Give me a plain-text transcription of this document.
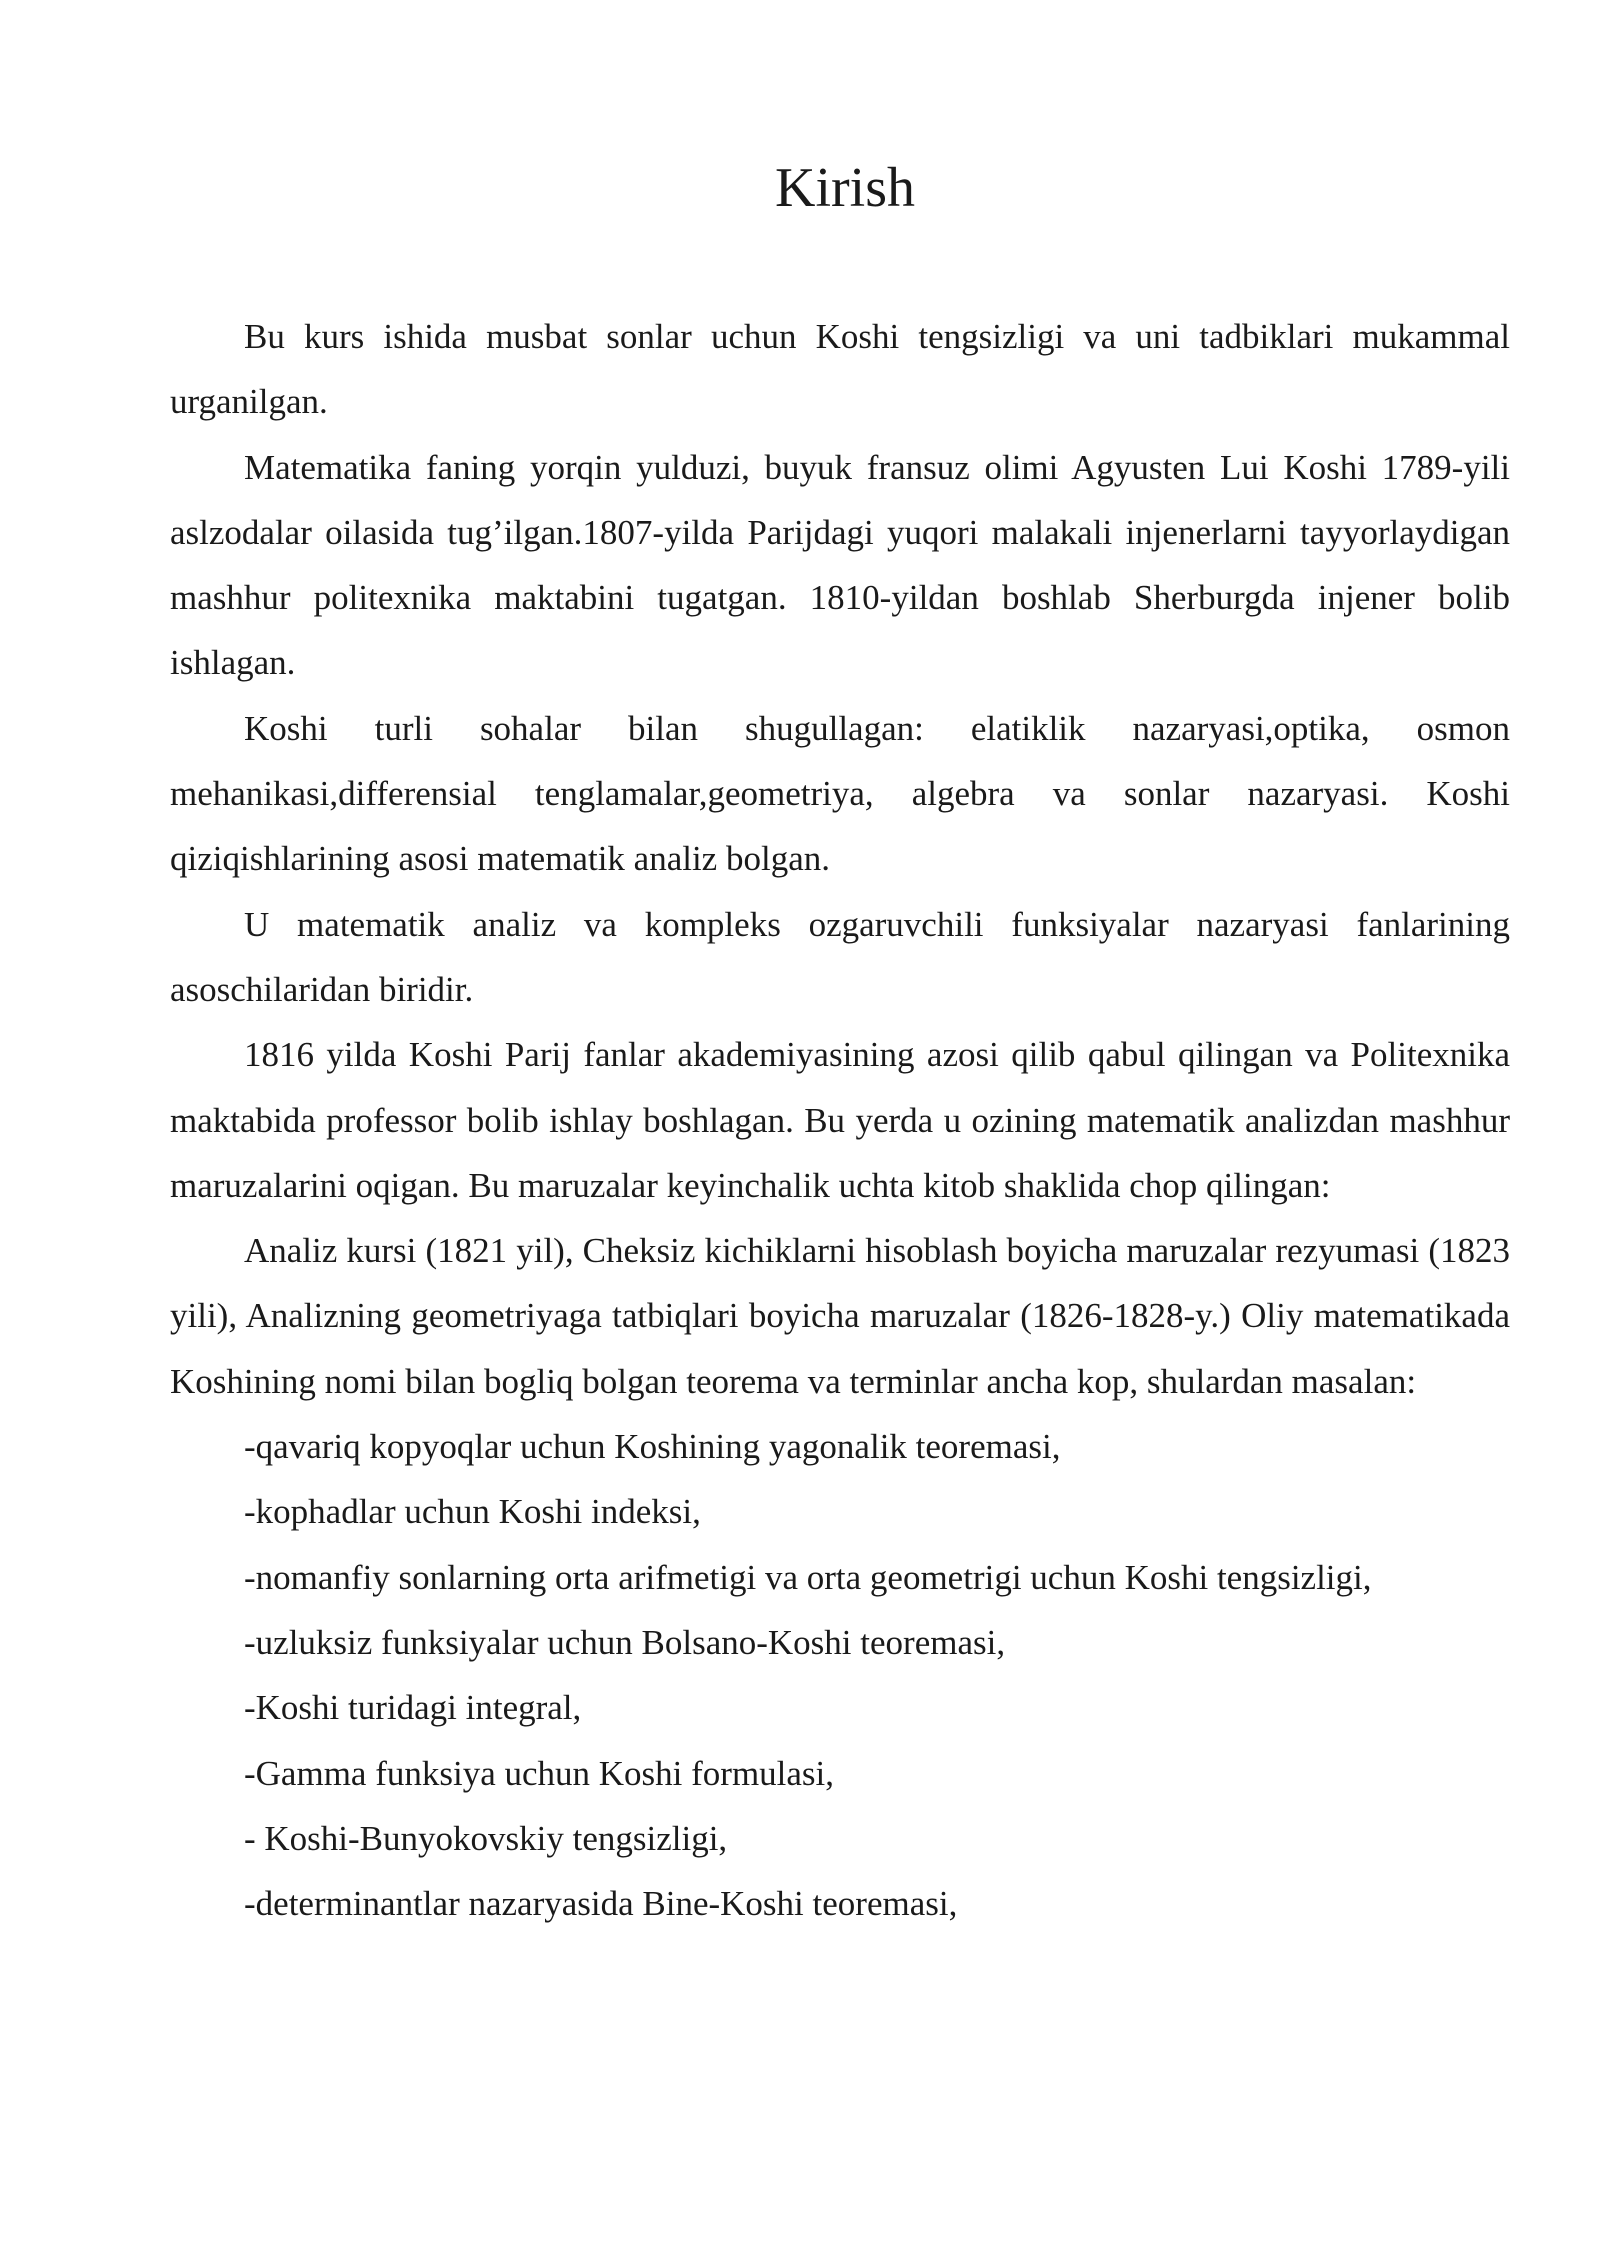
Kirish

Bu kurs ishida musbat sonlar uchun Koshi tengsizligi va uni tadbiklari mukammal urganilgan.

Matematika faning yorqin yulduzi, buyuk fransuz olimi Agyusten Lui Koshi 1789-yili aslzodalar oilasida tug’ilgan.1807-yilda Parijdagi yuqori malakali injenerlarni tayyorlaydigan mashhur politexnika maktabini tugatgan. 1810-yildan boshlab Sherburgda injener bolib ishlagan.

Koshi turli sohalar bilan shugullagan: elatiklik nazaryasi,optika, osmon mehanikasi,differensial tenglamalar,geometriya, algebra va sonlar nazaryasi. Koshi qiziqishlarining asosi matematik analiz bolgan.

U matematik analiz va kompleks ozgaruvchili funksiyalar nazaryasi fanlarining asoschilaridan biridir.

1816 yilda Koshi Parij fanlar akademiyasining azosi qilib qabul qilingan va Politexnika maktabida professor bolib ishlay boshlagan. Bu yerda u ozining matematik analizdan mashhur maruzalarini oqigan. Bu maruzalar keyinchalik uchta kitob shaklida chop qilingan:

Analiz kursi (1821 yil), Cheksiz kichiklarni hisoblash boyicha maruzalar rezyumasi (1823 yili), Analizning geometriyaga tatbiqlari boyicha maruzalar (1826-1828-y.) Oliy matematikada Koshining nomi bilan bogliq bolgan teorema va terminlar ancha kop, shulardan masalan:

-qavariq kopyoqlar uchun Koshining yagonalik teoremasi,

-kophadlar uchun Koshi indeksi,

-nomanfiy sonlarning orta arifmetigi va orta geometrigi uchun Koshi tengsizligi,

-uzluksiz funksiyalar uchun Bolsano-Koshi teoremasi,

-Koshi turidagi integral,

-Gamma funksiya uchun Koshi formulasi,

- Koshi-Bunyokovskiy tengsizligi,

-determinantlar nazaryasida Bine-Koshi teoremasi,
